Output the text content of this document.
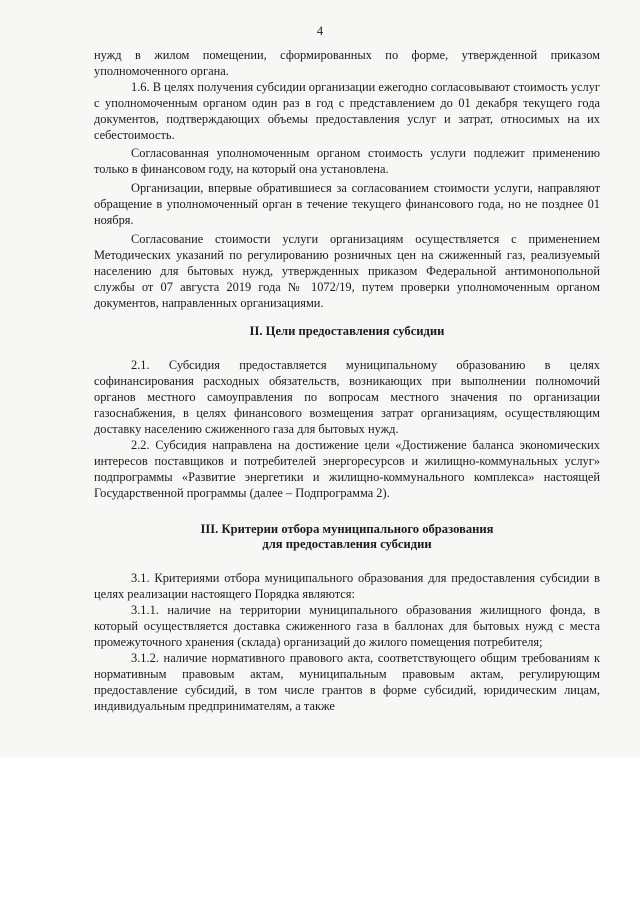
4

нужд в жилом помещении, сформированных по форме, утвержденной приказом уполномоченного органа.

1.6. В целях получения субсидии организации ежегодно согласовывают стоимость услуг с уполномоченным органом один раз в год с представлением до 01 декабря текущего года документов, подтверждающих объемы предоставления услуг и затрат, относимых на их себестоимость.

Согласованная уполномоченным органом стоимость услуги подлежит применению только в финансовом году, на который она установлена.

Организации, впервые обратившиеся за согласованием стоимости услуги, направляют обращение в уполномоченный орган в течение текущего финансового года, но не позднее 01 ноября.

Согласование стоимости услуги организациям осуществляется с применением Методических указаний по регулированию розничных цен на сжиженный газ, реализуемый населению для бытовых нужд, утвержденных приказом Федеральной антимонопольной службы от 07 августа 2019 года № 1072/19, путем проверки уполномоченным органом документов, направленных организациями.

II. Цели предоставления субсидии

2.1. Субсидия предоставляется муниципальному образованию в целях софинансирования расходных обязательств, возникающих при выполнении полномочий органов местного самоуправления по вопросам местного значения по организации газоснабжения, в целях финансового возмещения затрат организациям, осуществляющим доставку населению сжиженного газа для бытовых нужд.

2.2. Субсидия направлена на достижение цели «Достижение баланса экономических интересов поставщиков и потребителей энергоресурсов и жилищно-коммунальных услуг» подпрограммы «Развитие энергетики и жилищно-коммунального комплекса» настоящей Государственной программы (далее – Подпрограмма 2).

III. Критерии отбора муниципального образования
для предоставления субсидии

3.1. Критериями отбора муниципального образования для предоставления субсидии в целях реализации настоящего Порядка являются:

3.1.1. наличие на территории муниципального образования жилищного фонда, в который осуществляется доставка сжиженного газа в баллонах для бытовых нужд с места промежуточного хранения (склада) организаций до жилого помещения потребителя;

3.1.2. наличие нормативного правового акта, соответствующего общим требованиям к нормативным правовым актам, муниципальным правовым актам, регулирующим предоставление субсидий, в том числе грантов в форме субсидий, юридическим лицам, индивидуальным предпринимателям, а также
